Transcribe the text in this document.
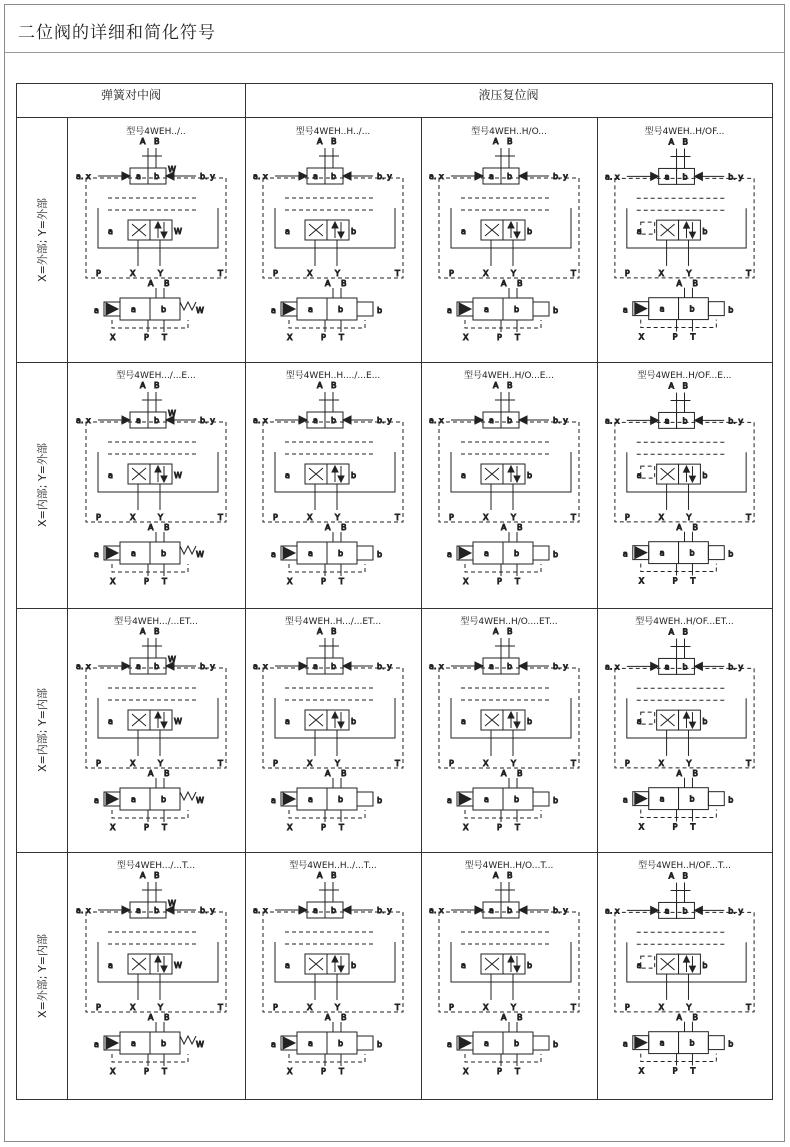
二位阀的详细和简化符号
弹簧对中阀	液压复位阀
X=外部; Y=外部
型号4WEH../..
a b
A B
a. x	b. y
W
a	W
P	X	Y	T
a	b
a	W
A B
X	P T
型号4WEH..H../...
a b
A B
a. x	b. y
a	b
P	X	Y	T
a	b
a	b
A B
X	P T
型号4WEH..H/O...
a b
A B
a. x	b. y
a	b
P	X	Y	T
a	b
a	b
A B
X	P T
型号4WEH..H/OF...
a b
A B
a. x	b. y
a	b
P	X	Y	T
a	b
a	b
A B
X	P T
X=内部; Y=外部
型号4WEH.../...E...
a b
A B
a. x	b. y
W
a	W
P	X	Y	T
a	b
a	W
A B
X	P T
型号4WEH..H..../...E...
a b
A B
a. x	b. y
a	b
P	X	Y	T
a	b
a	b
A B
X	P T
型号4WEH..H/O...E...
a b
A B
a. x	b. y
a	b
P	X	Y	T
a	b
a	b
A B
X	P T
型号4WEH..H/OF...E...
a b
A B
a. x	b. y
a	b
P	X	Y	T
a	b
a	b
A B
X	P T
X=内部; Y=内部
型号4WEH.../...ET...
a b
A B
a. x	b. y
W
a	W
P	X	Y	T
a	b
a	W
A B
X	P T
型号4WEH..H.../...ET...
a b
A B
a. x	b. y
a	b
P	X	Y	T
a	b
a	b
A B
X	P T
型号4WEH..H/O....ET...
a b
A B
a. x	b. y
a	b
P	X	Y	T
a	b
a	b
A B
X	P T
型号4WEH..H/OF...ET...
a b
A B
a. x	b. y
a	b
P	X	Y	T
a	b
a	b
A B
X	P T
X=外部; Y=内部
型号4WEH.../...T...
a b
A B
a. x	b. y
W
a	W
P	X	Y	T
a	b
a	W
A B
X	P T
型号4WEH..H../...T...
a b
A B
a. x	b. y
a	b
P	X	Y	T
a	b
a	b
A B
X	P T
型号4WEH..H/O...T...
a b
A B
a. x	b. y
a	b
P	X	Y	T
a	b
a	b
A B
X	P T
型号4WEH..H/OF...T...
a b
A B
a. x	b. y
a	b
P	X	Y	T
a	b
a	b
A B
X	P T
